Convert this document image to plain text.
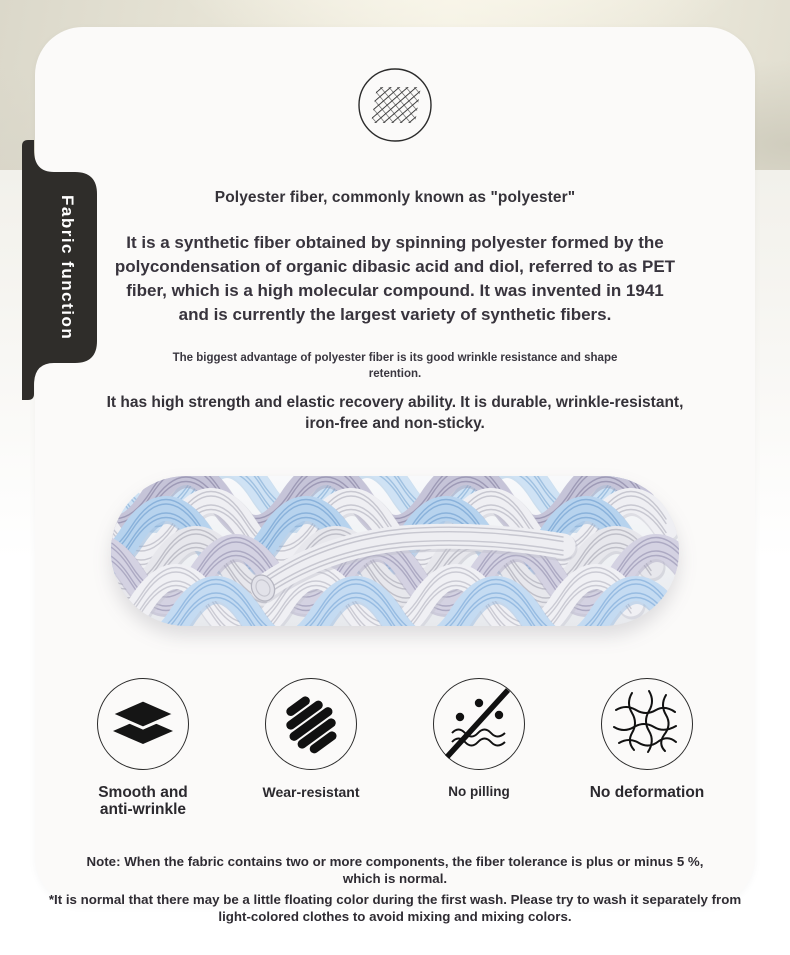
Polyester fiber, commonly known as "polyester"

It is a synthetic fiber obtained by spinning polyester formed by the polycondensation of organic dibasic acid and diol, referred to as PET fiber, which is a high molecular compound. It was invented in 1941 and is currently the largest variety of synthetic fibers.

The biggest advantage of polyester fiber is its good wrinkle resistance and shape retention.

It has high strength and elastic recovery ability. It is durable, wrinkle-resistant, iron-free and non-sticky.

Smooth and anti-wrinkle
Wear-resistant	No pilling	No deformation

Note: When the fabric contains two or more components, the fiber tolerance is plus or minus 5 %, which is normal.

*It is normal that there may be a little floating color during the first wash. Please try to wash it separately from light-colored clothes to avoid mixing and mixing colors.

Fabric function
